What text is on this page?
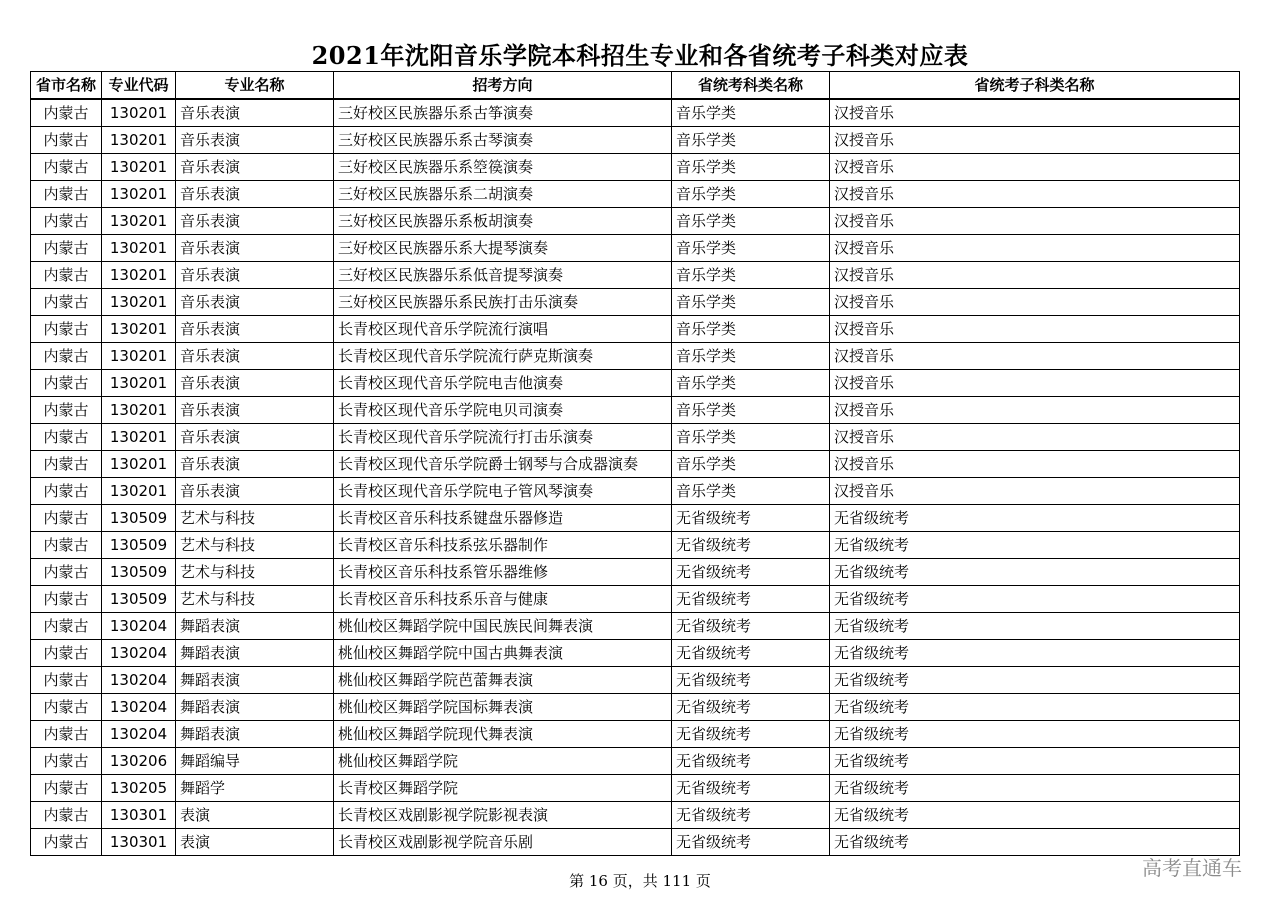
2021年沈阳音乐学院本科招生专业和各省统考子科类对应表
省市名称	专业代码	专业名称	招考方向	省统考科类名称	省统考子科类名称
内蒙古	130201	音乐表演	三好校区民族器乐系古筝演奏	音乐学类	汉授音乐
内蒙古	130201	音乐表演	三好校区民族器乐系古琴演奏	音乐学类	汉授音乐
内蒙古	130201	音乐表演	三好校区民族器乐系箜篌演奏	音乐学类	汉授音乐
内蒙古	130201	音乐表演	三好校区民族器乐系二胡演奏	音乐学类	汉授音乐
内蒙古	130201	音乐表演	三好校区民族器乐系板胡演奏	音乐学类	汉授音乐
内蒙古	130201	音乐表演	三好校区民族器乐系大提琴演奏	音乐学类	汉授音乐
内蒙古	130201	音乐表演	三好校区民族器乐系低音提琴演奏	音乐学类	汉授音乐
内蒙古	130201	音乐表演	三好校区民族器乐系民族打击乐演奏	音乐学类	汉授音乐
内蒙古	130201	音乐表演	长青校区现代音乐学院流行演唱	音乐学类	汉授音乐
内蒙古	130201	音乐表演	长青校区现代音乐学院流行萨克斯演奏	音乐学类	汉授音乐
内蒙古	130201	音乐表演	长青校区现代音乐学院电吉他演奏	音乐学类	汉授音乐
内蒙古	130201	音乐表演	长青校区现代音乐学院电贝司演奏	音乐学类	汉授音乐
内蒙古	130201	音乐表演	长青校区现代音乐学院流行打击乐演奏	音乐学类	汉授音乐
内蒙古	130201	音乐表演	长青校区现代音乐学院爵士钢琴与合成器演奏	音乐学类	汉授音乐
内蒙古	130201	音乐表演	长青校区现代音乐学院电子管风琴演奏	音乐学类	汉授音乐
内蒙古	130509	艺术与科技	长青校区音乐科技系键盘乐器修造	无省级统考	无省级统考
内蒙古	130509	艺术与科技	长青校区音乐科技系弦乐器制作	无省级统考	无省级统考
内蒙古	130509	艺术与科技	长青校区音乐科技系管乐器维修	无省级统考	无省级统考
内蒙古	130509	艺术与科技	长青校区音乐科技系乐音与健康	无省级统考	无省级统考
内蒙古	130204	舞蹈表演	桃仙校区舞蹈学院中国民族民间舞表演	无省级统考	无省级统考
内蒙古	130204	舞蹈表演	桃仙校区舞蹈学院中国古典舞表演	无省级统考	无省级统考
内蒙古	130204	舞蹈表演	桃仙校区舞蹈学院芭蕾舞表演	无省级统考	无省级统考
内蒙古	130204	舞蹈表演	桃仙校区舞蹈学院国标舞表演	无省级统考	无省级统考
内蒙古	130204	舞蹈表演	桃仙校区舞蹈学院现代舞表演	无省级统考	无省级统考
内蒙古	130206	舞蹈编导	桃仙校区舞蹈学院	无省级统考	无省级统考
内蒙古	130205	舞蹈学	长青校区舞蹈学院	无省级统考	无省级统考
内蒙古	130301	表演	长青校区戏剧影视学院影视表演	无省级统考	无省级统考
内蒙古	130301	表演	长青校区戏剧影视学院音乐剧	无省级统考	无省级统考
第 16 页，共 111 页
高考直通车
